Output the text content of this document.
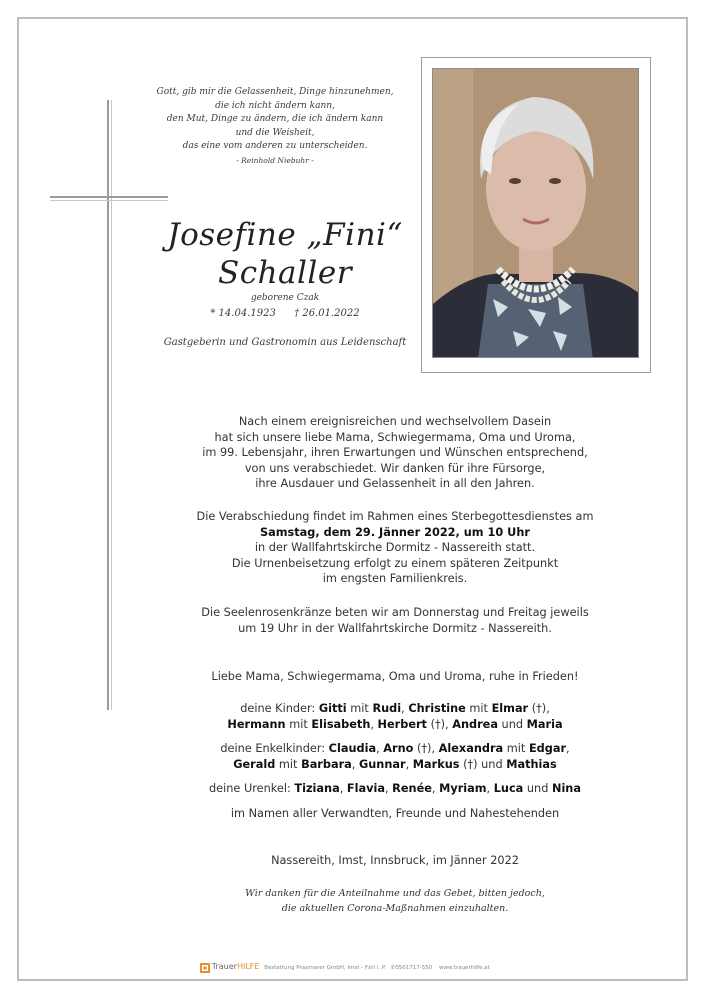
Gott, gib mir die Gelassenheit, Dinge hinzunehmen,
die ich nicht ändern kann,
den Mut, Dinge zu ändern, die ich ändern kann
und die Weisheit,
das eine vom anderen zu unterscheiden.
- Reinhold Niebuhr -
Josefine „Fini“
Schaller
geborene Czak
* 14.04.1923 † 26.01.2022
Gastgeberin und Gastronomin aus Leidenschaft

Nach einem ereignisreichen und wechselvollem Dasein

hat sich unsere liebe Mama, Schwiegermama, Oma und Uroma,

im 99. Lebensjahr, ihren Erwartungen und Wünschen entsprechend,

von uns verabschiedet. Wir danken für ihre Fürsorge,

ihre Ausdauer und Gelassenheit in all den Jahren.

Die Verabschiedung findet im Rahmen eines Sterbegottesdienstes am

Samstag, dem 29. Jänner 2022, um 10 Uhr

in der Wallfahrtskirche Dormitz - Nassereith statt.

Die Urnenbeisetzung erfolgt zu einem späteren Zeitpunkt

im engsten Familienkreis.

Die Seelenrosenkränze beten wir am Donnerstag und Freitag jeweils

um 19 Uhr in der Wallfahrtskirche Dormitz - Nassereith.

Liebe Mama, Schwiegermama, Oma und Uroma, ruhe in Frieden!

deine Kinder: Gitti mit Rudi, Christine mit Elmar (†),

Hermann mit Elisabeth, Herbert (†), Andrea und Maria

deine Enkelkinder: Claudia, Arno (†), Alexandra mit Edgar,

Gerald mit Barbara, Gunnar, Markus (†) und Mathias

deine Urenkel: Tiziana, Flavia, Renée, Myriam, Luca und Nina

im Namen aller Verwandten, Freunde und Nahestehenden
Nassereith, Imst, Innsbruck, im Jänner 2022

Wir danken für die Anteilnahme und das Gebet, bitten jedoch,

die aktuellen Corona-Maßnahmen einzuhalten.

TrauerHILFE Bestattung Praxmarer GmbH, Imst - Fxtl i. P. ✆0501717-550 www.trauerhilfe.at
